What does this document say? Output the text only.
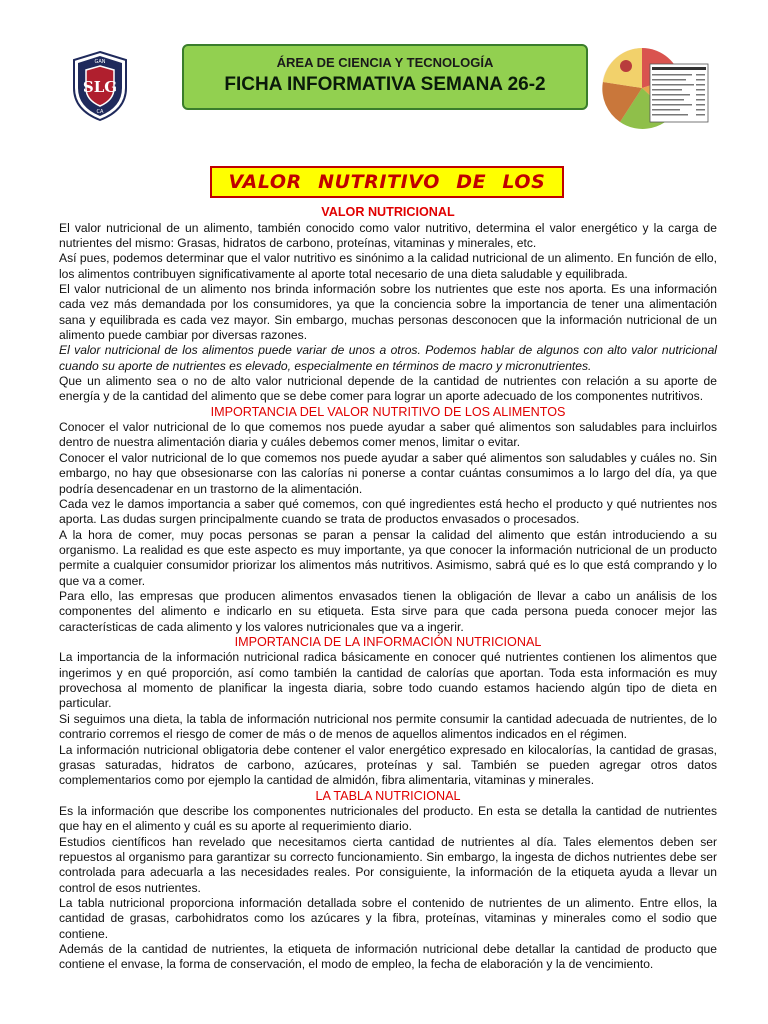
SLG
GAN
CA
ÁREA DE CIENCIA Y TECNOLOGÍA
FICHA INFORMATIVA SEMANA 26-2
VALOR NUTRITIVO DE LOS
VALOR NUTRICIONAL

El valor nutricional de un alimento, también conocido como valor nutritivo, determina el valor energético y la carga de nutrientes del mismo: Grasas, hidratos de carbono, proteínas, vitaminas y minerales, etc.

Así pues, podemos determinar que el valor nutritivo es sinónimo a la calidad nutricional de un alimento. En función de ello, los alimentos contribuyen significativamente al aporte total necesario de una dieta saludable y equilibrada.

El valor nutricional de un alimento nos brinda información sobre los nutrientes que este nos aporta. Es una información cada vez más demandada por los consumidores, ya que la conciencia sobre la importancia de tener una alimentación sana y equilibrada es cada vez mayor. Sin embargo, muchas personas desconocen que la información nutricional de un alimento puede cambiar por diversas razones.

El valor nutricional de los alimentos puede variar de unos a otros. Podemos hablar de algunos con alto valor nutricional cuando su aporte de nutrientes es elevado, especialmente en términos de macro y micronutrientes.

Que un alimento sea o no de alto valor nutricional depende de la cantidad de nutrientes con relación a su aporte de energía y de la cantidad del alimento que se debe comer para lograr un aporte adecuado de los componentes nutritivos.

IMPORTANCIA DEL VALOR NUTRITIVO DE LOS ALIMENTOS

Conocer el valor nutricional de lo que comemos nos puede ayudar a saber qué alimentos son saludables para incluirlos dentro de nuestra alimentación diaria y cuáles debemos comer menos, limitar o evitar.

Conocer el valor nutricional de lo que comemos nos puede ayudar a saber qué alimentos son saludables y cuáles no. Sin embargo, no hay que obsesionarse con las calorías ni ponerse a contar cuántas consumimos a lo largo del día, ya que podría desencadenar en un trastorno de la alimentación.

Cada vez le damos importancia a saber qué comemos, con qué ingredientes está hecho el producto y qué nutrientes nos aporta. Las dudas surgen principalmente cuando se trata de productos envasados o procesados.

A la hora de comer, muy pocas personas se paran a pensar la calidad del alimento que están introduciendo a su organismo. La realidad es que este aspecto es muy importante, ya que conocer la información nutricional de un producto permite a cualquier consumidor priorizar los alimentos más nutritivos. Asimismo, sabrá qué es lo que está comprando y lo que va a comer.

Para ello, las empresas que producen alimentos envasados tienen la obligación de llevar a cabo un análisis de los componentes del alimento e indicarlo en su etiqueta. Esta sirve para que cada persona pueda conocer mejor las características de cada alimento y los valores nutricionales que va a ingerir.

IMPORTANCIA DE LA INFORMACIÓN NUTRICIONAL

La importancia de la información nutricional radica básicamente en conocer qué nutrientes contienen los alimentos que ingerimos y en qué proporción, así como también la cantidad de calorías que aportan. Toda esta información es muy provechosa al momento de planificar la ingesta diaria, sobre todo cuando estamos haciendo algún tipo de dieta en particular.

Si seguimos una dieta, la tabla de información nutricional nos permite consumir la cantidad adecuada de nutrientes, de lo contrario corremos el riesgo de comer de más o de menos de aquellos alimentos indicados en el régimen.

La información nutricional obligatoria debe contener el valor energético expresado en kilocalorías, la cantidad de grasas, grasas saturadas, hidratos de carbono, azúcares, proteínas y sal. También se pueden agregar otros datos complementarios como por ejemplo la cantidad de almidón, fibra alimentaria, vitaminas y minerales.

LA TABLA NUTRICIONAL

Es la información que describe los componentes nutricionales del producto. En esta se detalla la cantidad de nutrientes que hay en el alimento y cuál es su aporte al requerimiento diario.

Estudios científicos han revelado que necesitamos cierta cantidad de nutrientes al día. Tales elementos deben ser repuestos al organismo para garantizar su correcto funcionamiento. Sin embargo, la ingesta de dichos nutrientes debe ser controlada para adecuarla a las necesidades reales. Por consiguiente, la información de la etiqueta ayuda a llevar un control de esos nutrientes.

La tabla nutricional proporciona información detallada sobre el contenido de nutrientes de un alimento. Entre ellos, la cantidad de grasas, carbohidratos como los azúcares y la fibra, proteínas, vitaminas y minerales como el sodio que contiene.

Además de la cantidad de nutrientes, la etiqueta de información nutricional debe detallar la cantidad de producto que contiene el envase, la forma de conservación, el modo de empleo, la fecha de elaboración y la de vencimiento.
